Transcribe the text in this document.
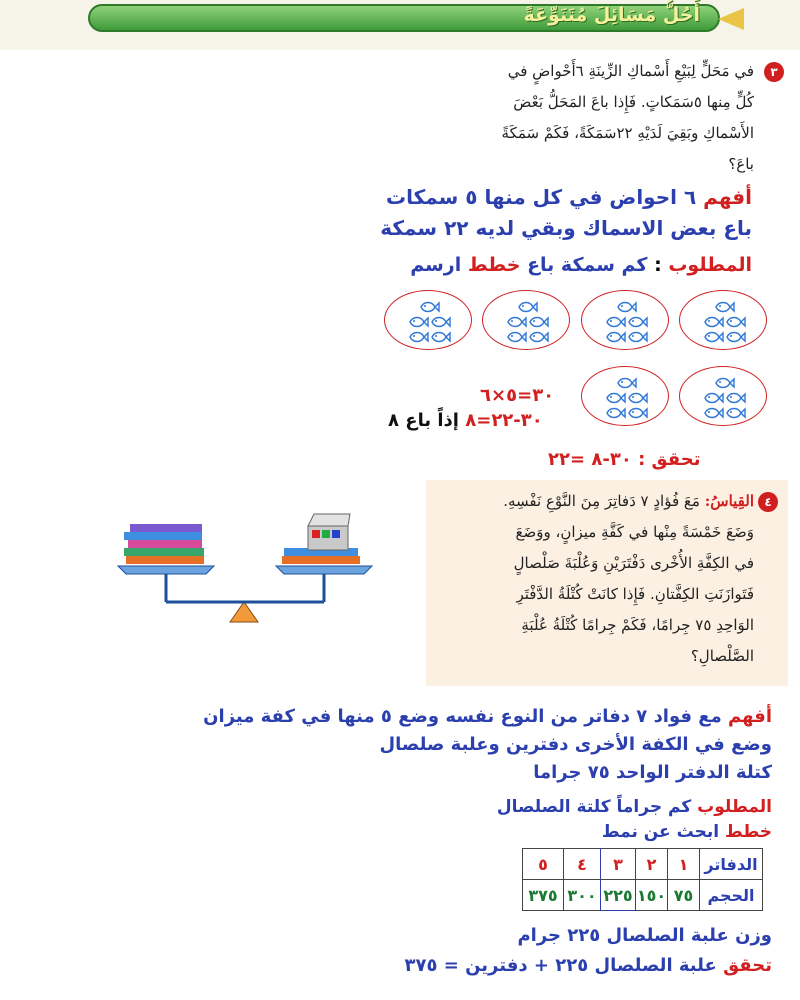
أَحُلُّ مَسَائِلَ مُتَنَوِّعَةً
٣
في مَحَلٍّ لِبَيْعِ أَسْماكِ الزِّينَةِ ٦أَحْواضٍ في
كُلٍّ مِنها ٥سَمَكاتٍ. فَإِذا باعَ المَحَلُّ بَعْضَ
الأَسْماكِ وبَقِيَ لَدَيْهِ ٢٢سَمَكَةً، فَكَمْ سَمَكَةً
باعَ؟
أفهم ٦ احواض في كل منها ٥ سمكات
باع بعض الاسماك وبقي لديه ٢٢ سمكة
المطلوب : كم سمكة باع خطط ارسم
٣٠=٥×٦
٣٠-٢٢=٨ إذاً باع ٨
تحقق : ٣٠-٨ =٢٢
٤
القِياسُ: مَعَ فُؤادٍ ٧ دَفاتِرَ مِنَ النَّوْعِ نَفْسِهِ.
وَضَعَ خَمْسَةً مِنْها في كَفَّةِ ميزانٍ، ووَضَعَ
في الكِفَّةِ الأُخْرى دَفْتَرَيْنِ وَعُلْبَةَ صَلْصالٍ
فَتَوازَنَتِ الكِفَّتانِ. فَإِذا كانَتْ كُتْلَةُ الدَّفْتَرِ
الوَاحِدِ ٧٥ جِرامًا، فَكَمْ جِرامًا كُتْلَةُ عُلْبَةِ
الصَّلْصالِ؟
أفهم مع فواد ٧ دفاتر من النوع نفسه وضع ٥ منها في كفة ميزان
وضع في الكفة الأخرى دفترين وعلبة صلصال
كتلة الدفتر الواحد ٧٥ جراما
المطلوب كم جراماً كلتة الصلصال
خطط ابحث عن نمط
الدفاتر	١	٢	٣	٤	٥
الحجم	٧٥	١٥٠	٢٢٥	٣٠٠	٣٧٥
وزن علبة الصلصال ٢٢٥ جرام
تحقق علبة الصلصال ٢٢٥ + دفترين = ٣٧٥
